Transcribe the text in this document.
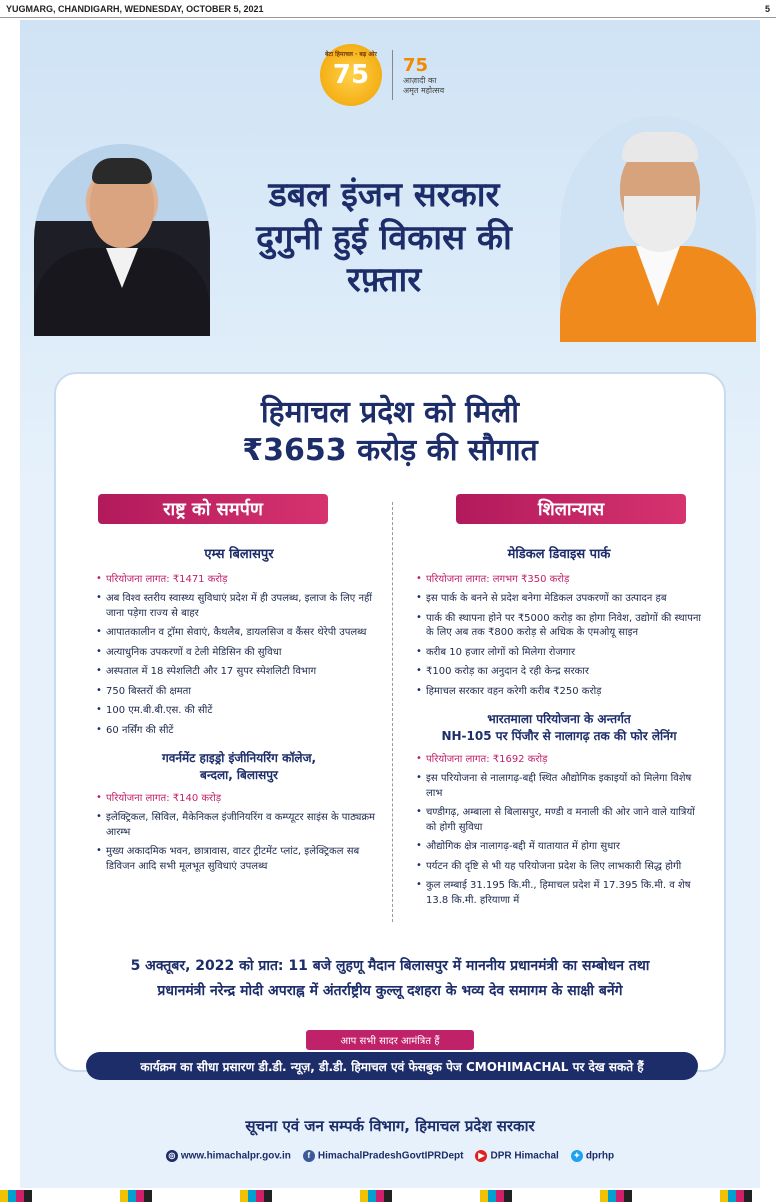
YUGMARG, CHANDIGARH, WEDNESDAY, OCTOBER 5, 2021	5
बेटा हिमाचल · बढ़ ओर
75 75
आज़ादी का
अमृत महोत्सव
डबल इंजन सरकार
दुगुनी हुई विकास की रफ़्तार
हिमाचल प्रदेश को मिली
₹3653 करोड़ की सौगात
राष्ट्र को समर्पण	शिलान्यास
एम्स बिलासपुर
• परियोजना लागत: ₹1471 करोड़
• अब विश्व स्तरीय स्वास्थ्य सुविधाएं प्रदेश में ही उपलब्ध, इलाज के लिए नहीं जाना पड़ेगा राज्य से बाहर
• आपातकालीन व ट्रॉमा सेवाएं, कैथलैब, डायलसिज व कैंसर थेरेपी उपलब्ध
• अत्याधुनिक उपकरणों व टेली मेडिसिन की सुविधा
• अस्पताल में 18 स्पेशलिटी और 17 सुपर स्पेशलिटी विभाग
• 750 बिस्तरों की क्षमता
• 100 एम.बी.बी.एस. की सीटें
• 60 नर्सिंग की सीटें
गवर्नमेंट हाइड्रो इंजीनियरिंग कॉलेज,
बन्दला, बिलासपुर
• परियोजना लागत: ₹140 करोड़
• इलेक्ट्रिकल, सिविल, मैकेनिकल इंजीनियरिंग व कम्प्यूटर साइंस के पाठ्यक्रम आरम्भ
• मुख्य अकादमिक भवन, छात्रावास, वाटर ट्रीटमेंट प्लांट, इलेक्ट्रिकल सब डिविजन आदि सभी मूलभूत सुविधाएं उपलब्ध
मेडिकल डिवाइस पार्क
• परियोजना लागत: लगभग ₹350 करोड़
• इस पार्क के बनने से प्रदेश बनेगा मेडिकल उपकरणों का उत्पादन हब
• पार्क की स्थापना होने पर ₹5000 करोड़ का होगा निवेश, उद्योगों की स्थापना के लिए अब तक ₹800 करोड़ से अधिक के एमओयू साइन
• करीब 10 हजार लोगों को मिलेगा रोजगार
• ₹100 करोड़ का अनुदान दे रही केन्द्र सरकार
• हिमाचल सरकार वहन करेगी करीब ₹250 करोड़
भारतमाला परियोजना के अन्तर्गत
NH-105 पर पिंजौर से नालागढ़ तक की फोर लेनिंग
• परियोजना लागत: ₹1692 करोड़
• इस परियोजना से नालागढ़-बद्दी स्थित औद्योगिक इकाइयों को मिलेगा विशेष लाभ
• चण्डीगढ़, अम्बाला से बिलासपुर, मण्डी व मनाली की ओर जाने वाले यात्रियों को होगी सुविधा
• औद्योगिक क्षेत्र नालागढ़-बद्दी में यातायात में होगा सुधार
• पर्यटन की दृष्टि से भी यह परियोजना प्रदेश के लिए लाभकारी सिद्ध होगी
• कुल लम्बाई 31.195 कि.मी., हिमाचल प्रदेश में 17.395 कि.मी. व शेष 13.8 कि.मी. हरियाणा में
5 अक्तूबर, 2022 को प्रात: 11 बजे लुहणू मैदान बिलासपुर में माननीय प्रधानमंत्री का सम्बोधन तथा
प्रधानमंत्री नरेन्द्र मोदी अपराह्न में अंतर्राष्ट्रीय कुल्लू दशहरा के भव्य देव समागम के साक्षी बनेंगे
आप सभी सादर आमंत्रित हैं
कार्यक्रम का सीधा प्रसारण डी.डी. न्यूज़, डी.डी. हिमाचल एवं फेसबुक पेज CMOHIMACHAL पर देख सकते हैं
सूचना एवं जन सम्पर्क विभाग, हिमाचल प्रदेश सरकार
◎ www.himachalpr.gov.in	f HimachalPradeshGovtIPRDept	▶ DPR Himachal	✦ dprhp
